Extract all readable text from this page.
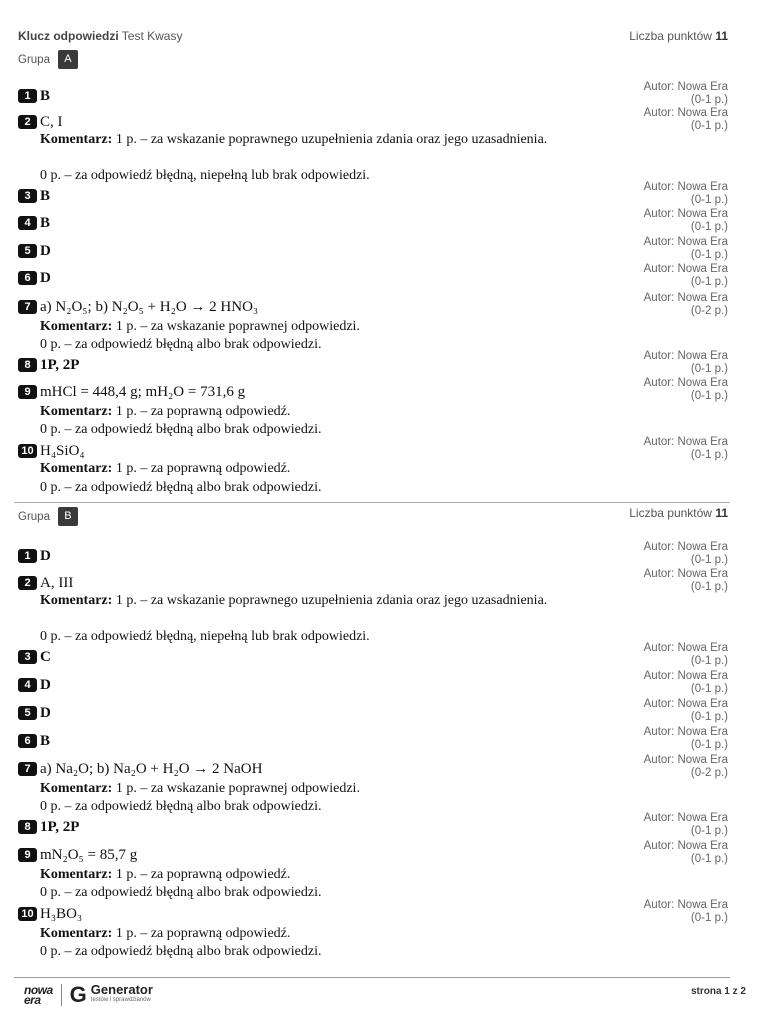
Klucz odpowiedzi Test Kwasy	Liczba punktów 11
Grupa	A
1 B
Autor: Nowa Era
(0-1 p.)
2 C, I
Autor: Nowa Era
(0-1 p.)
Komentarz: 1 p. – za wskazanie poprawnego uzupełnienia zdania oraz jego uzasadnienia.
0 p. – za odpowiedź błędną, niepełną lub brak odpowiedzi.
3 B
Autor: Nowa Era
(0-1 p.)
4 B
Autor: Nowa Era
(0-1 p.)
5 D
Autor: Nowa Era
(0-1 p.)
6 D
Autor: Nowa Era
(0-1 p.)
7 a) N₂O₅; b) N₂O₅ + H₂O → 2 HNO₃
Autor: Nowa Era
(0-2 p.)
Komentarz: 1 p. – za wskazanie poprawnej odpowiedzi.
0 p. – za odpowiedź błędną albo brak odpowiedzi.
8 1P, 2P
Autor: Nowa Era
(0-1 p.)
9 mHCl = 448,4 g; mH₂O = 731,6 g
Autor: Nowa Era
(0-1 p.)
Komentarz: 1 p. – za poprawną odpowiedź.
0 p. – za odpowiedź błędną albo brak odpowiedzi.
10 H₄SiO₄
Autor: Nowa Era
(0-1 p.)
Komentarz: 1 p. – za poprawną odpowiedź.
0 p. – za odpowiedź błędną albo brak odpowiedzi.
Grupa	B	Liczba punktów 11
1 D
Autor: Nowa Era
(0-1 p.)
2 A, III
Autor: Nowa Era
(0-1 p.)
Komentarz: 1 p. – za wskazanie poprawnego uzupełnienia zdania oraz jego uzasadnienia.
0 p. – za odpowiedź błędną, niepełną lub brak odpowiedzi.
3 C
Autor: Nowa Era
(0-1 p.)
4 D
Autor: Nowa Era
(0-1 p.)
5 D
Autor: Nowa Era
(0-1 p.)
6 B
Autor: Nowa Era
(0-1 p.)
7 a) Na₂O; b) Na₂O + H₂O → 2 NaOH
Autor: Nowa Era
(0-2 p.)
Komentarz: 1 p. – za wskazanie poprawnej odpowiedzi.
0 p. – za odpowiedź błędną albo brak odpowiedzi.
8 1P, 2P
Autor: Nowa Era
(0-1 p.)
9 mN₂O₅ = 85,7 g
Autor: Nowa Era
(0-1 p.)
Komentarz: 1 p. – za poprawną odpowiedź.
0 p. – za odpowiedź błędną albo brak odpowiedzi.
10 H₃BO₃
Autor: Nowa Era
(0-1 p.)
Komentarz: 1 p. – za poprawną odpowiedź.
0 p. – za odpowiedź błędną albo brak odpowiedzi.
nowa
era	G Generator
testów i sprawdzianów
strona 1 z 2
